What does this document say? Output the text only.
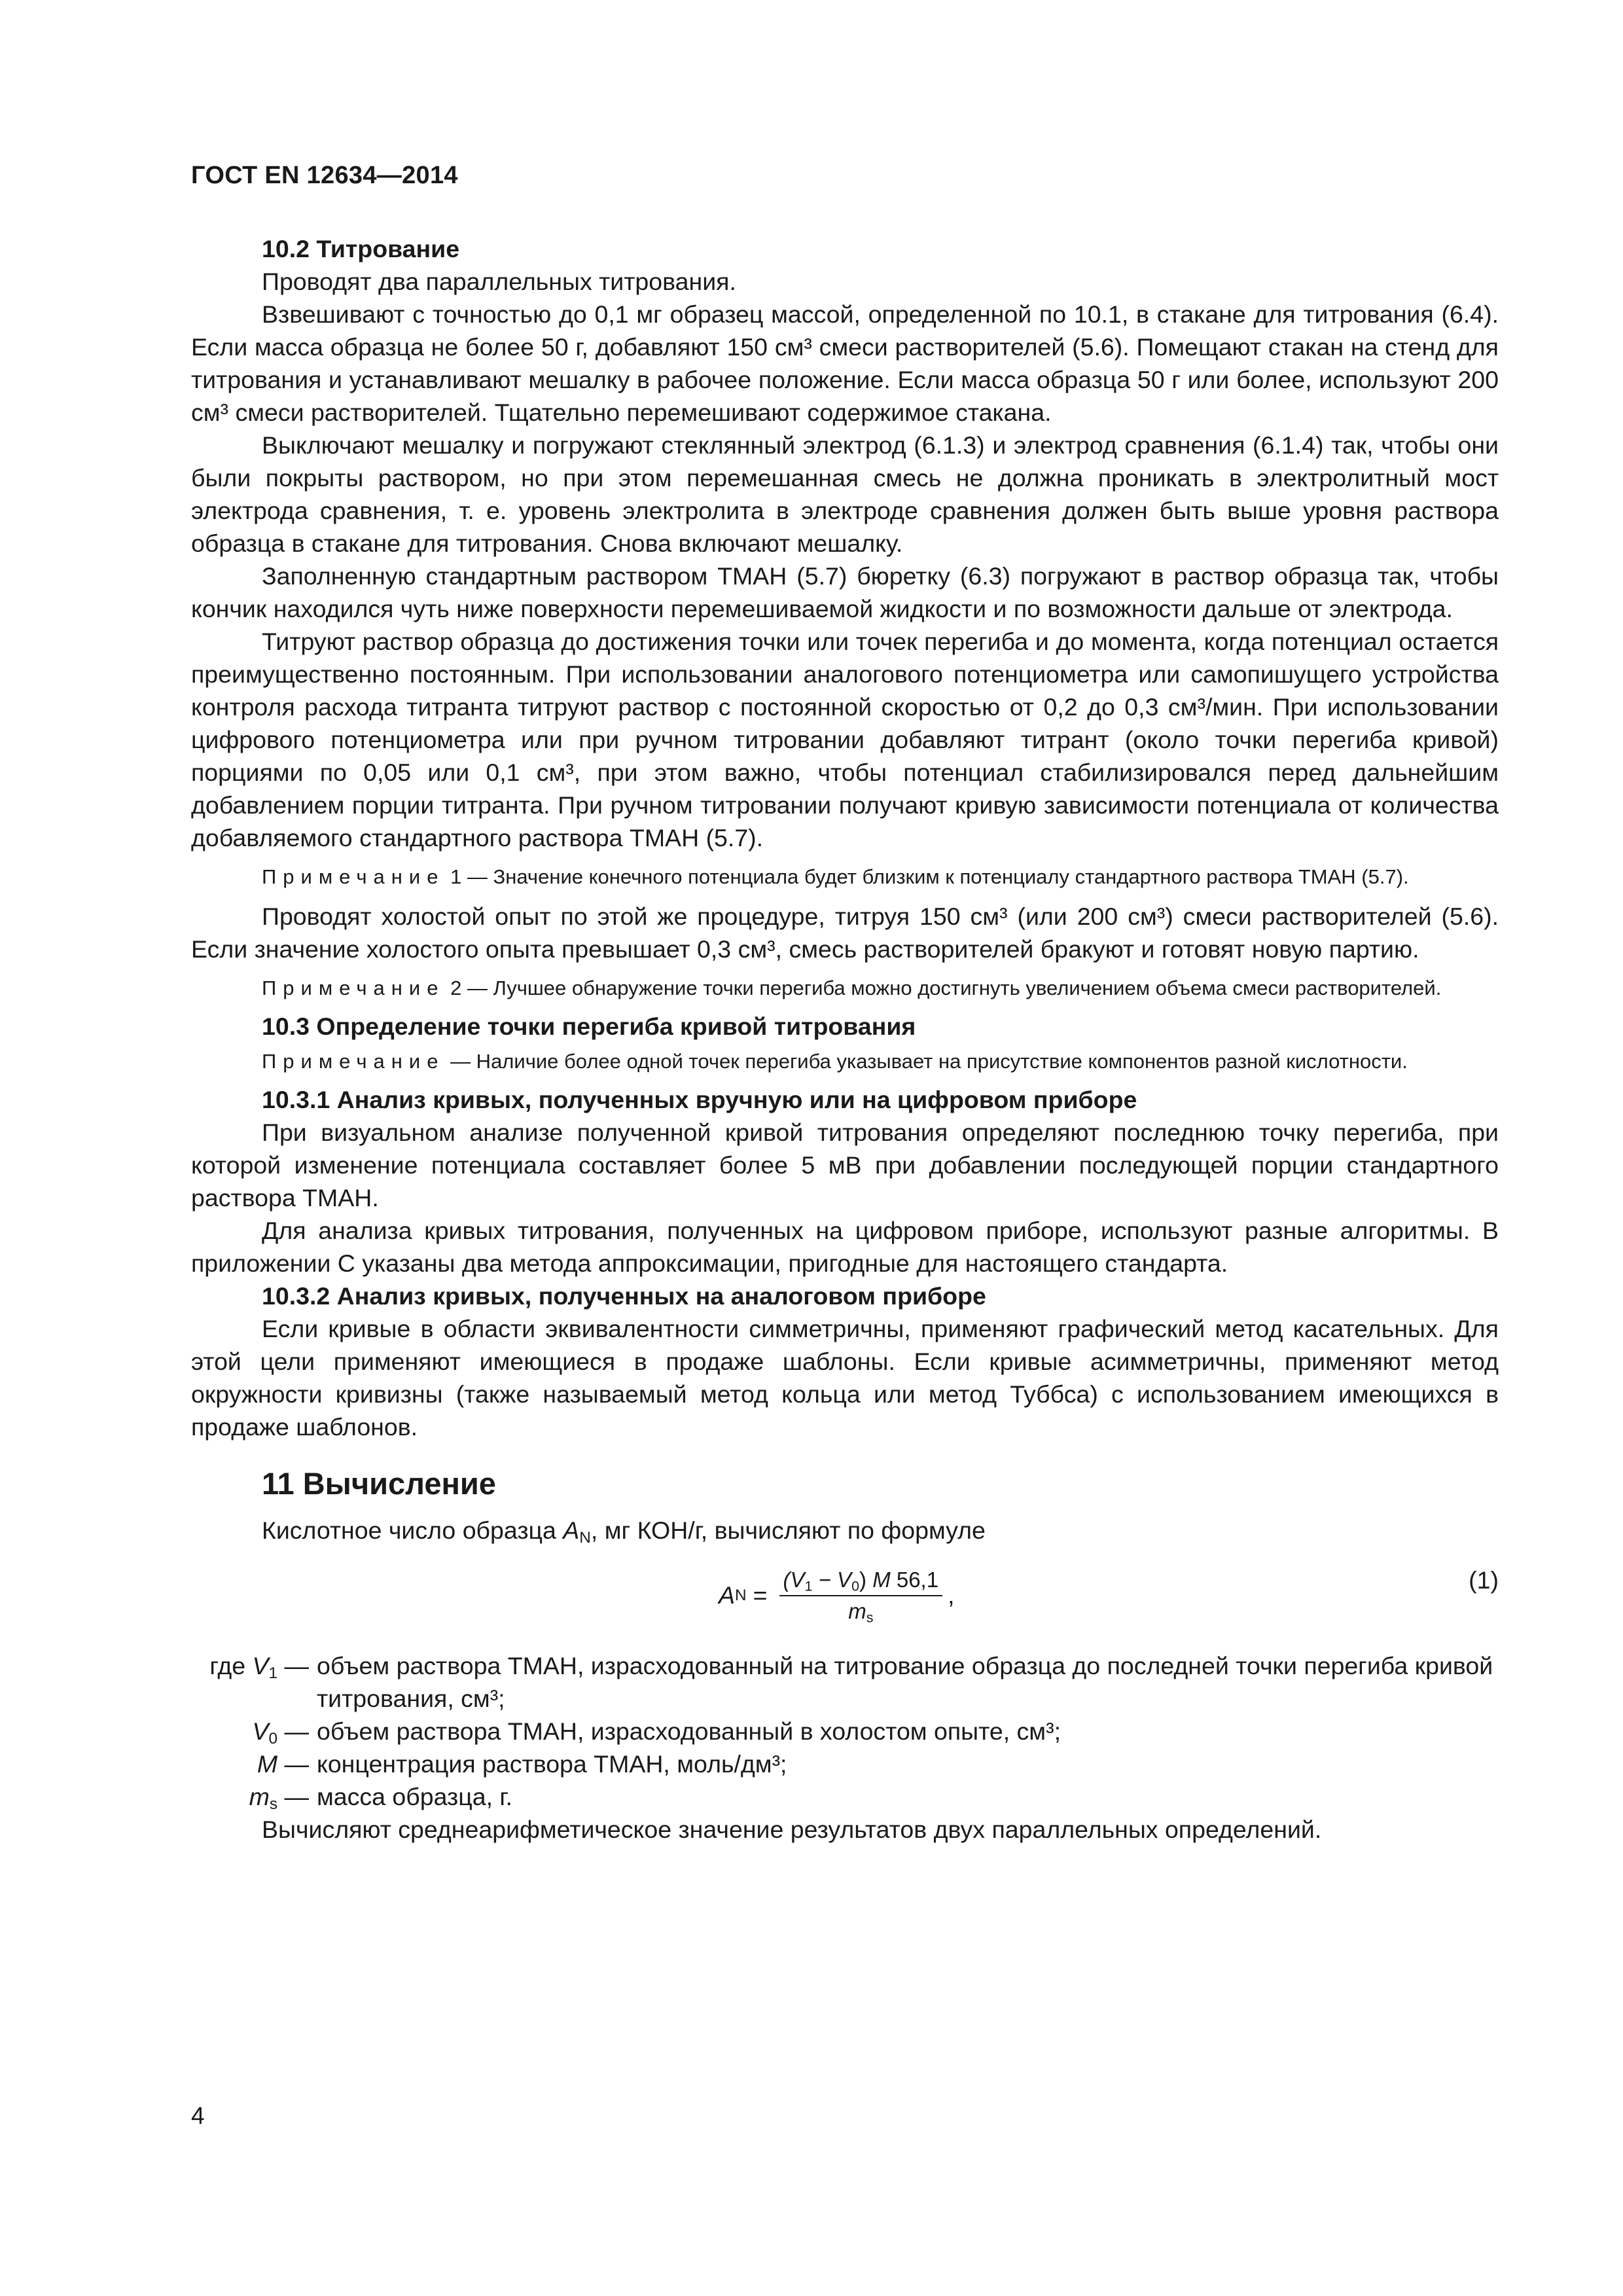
ГОСТ EN 12634—2014
10.2 Титрование

Проводят два параллельных титрования.

Взвешивают с точностью до 0,1 мг образец массой, определенной по 10.1, в стакане для титрования (6.4). Если масса образца не более 50 г, добавляют 150 см³ смеси растворителей (5.6). Помещают стакан на стенд для титрования и устанавливают мешалку в рабочее положение. Если масса образца 50 г или более, используют 200 см³ смеси растворителей. Тщательно перемешивают содержимое стакана.

Выключают мешалку и погружают стеклянный электрод (6.1.3) и электрод сравнения (6.1.4) так, чтобы они были покрыты раствором, но при этом перемешанная смесь не должна проникать в электролитный мост электрода сравнения, т. е. уровень электролита в электроде сравнения должен быть выше уровня раствора образца в стакане для титрования. Снова включают мешалку.

Заполненную стандартным раствором ТМАН (5.7) бюретку (6.3) погружают в раствор образца так, чтобы кончик находился чуть ниже поверхности перемешиваемой жидкости и по возможности дальше от электрода.

Титруют раствор образца до достижения точки или точек перегиба и до момента, когда потенциал остается преимущественно постоянным. При использовании аналогового потенциометра или самопишущего устройства контроля расхода титранта титруют раствор с постоянной скоростью от 0,2 до 0,3 см³/мин. При использовании цифрового потенциометра или при ручном титровании добавляют титрант (около точки перегиба кривой) порциями по 0,05 или 0,1 см³, при этом важно, чтобы потенциал стабилизировался перед дальнейшим добавлением порции титранта. При ручном титровании получают кривую зависимости потенциала от количества добавляемого стандартного раствора ТМАН (5.7).

Примечание 1 — Значение конечного потенциала будет близким к потенциалу стандартного раствора ТМАН (5.7).

Проводят холостой опыт по этой же процедуре, титруя 150 см³ (или 200 см³) смеси растворителей (5.6). Если значение холостого опыта превышает 0,3 см³, смесь растворителей бракуют и готовят новую партию.

Примечание 2 — Лучшее обнаружение точки перегиба можно достигнуть увеличением объема смеси растворителей.

10.3 Определение точки перегиба кривой титрования

Примечание — Наличие более одной точек перегиба указывает на присутствие компонентов разной кислотности.

10.3.1 Анализ кривых, полученных вручную или на цифровом приборе

При визуальном анализе полученной кривой титрования определяют последнюю точку перегиба, при которой изменение потенциала составляет более 5 мВ при добавлении последующей порции стандартного раствора ТМАН.

Для анализа кривых титрования, полученных на цифровом приборе, используют разные алгоритмы. В приложении С указаны два метода аппроксимации, пригодные для настоящего стандарта.

10.3.2 Анализ кривых, полученных на аналоговом приборе

Если кривые в области эквивалентности симметричны, применяют графический метод касательных. Для этой цели применяют имеющиеся в продаже шаблоны. Если кривые асимметричны, применяют метод окружности кривизны (также называемый метод кольца или метод Туббса) с использованием имеющихся в продаже шаблонов.

11 Вычисление

Кислотное число образца $A_N$, мг КОН/г, вычисляют по формуле

A $N = \frac{(V_1 - V_0) M 56,1}{m_s}$ ,
(1)
где $V_1$ — объем раствора ТМАН, израсходованный на титрование образца до последней точки перегиба кривой титрования, см³;
$V_0$ — объем раствора ТМАН, израсходованный в холостом опыте, см³;
M — концентрация раствора ТМАН, моль/дм³;
$m_s$ — масса образца, г.

Вычисляют среднеарифметическое значение результатов двух параллельных определений.

4
